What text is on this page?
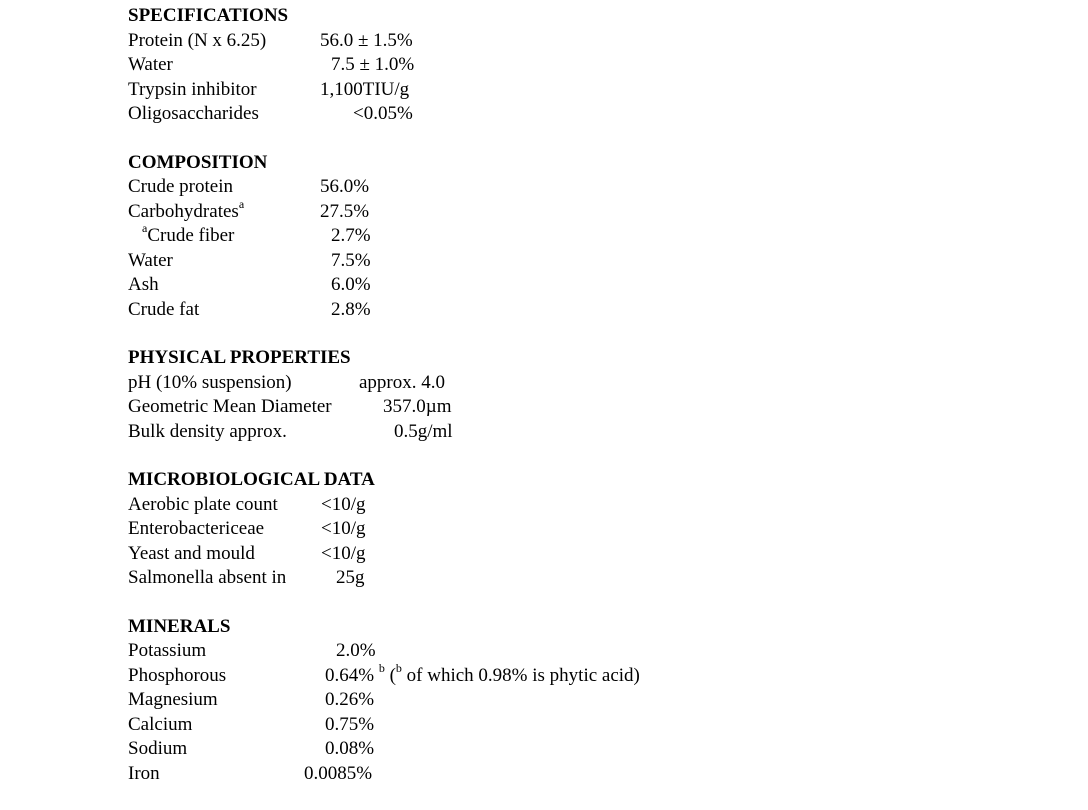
SPECIFICATIONS
Protein (N x 6.25)	56.0 ± 1.5%
Water	7.5 ± 1.0%
Trypsin inhibitor	1,100TIU/g
Oligosaccharides	<0.05%
COMPOSITION
Crude protein	56.0%
Carbohydrates$^a$	27.5%
$^a$Crude fiber	2.7%
Water	7.5%
Ash	6.0%
Crude fat	2.8%
PHYSICAL PROPERTIES
pH (10% suspension)	approx. 4.0
Geometric Mean Diameter	357.0µm
Bulk density approx.	0.5g/ml
MICROBIOLOGICAL DATA
Aerobic plate count <10/g
Enterobactericeae	<10/g
Yeast and mould	<10/g
Salmonella absent in	25g
MINERALS
Potassium	2.0%
Phosphorous	0.64% $^b$ ($^b$ of which 0.98% is phytic acid)
Magnesium	0.26%
Calcium	0.75%
Sodium	0.08%
Iron	0.0085%
